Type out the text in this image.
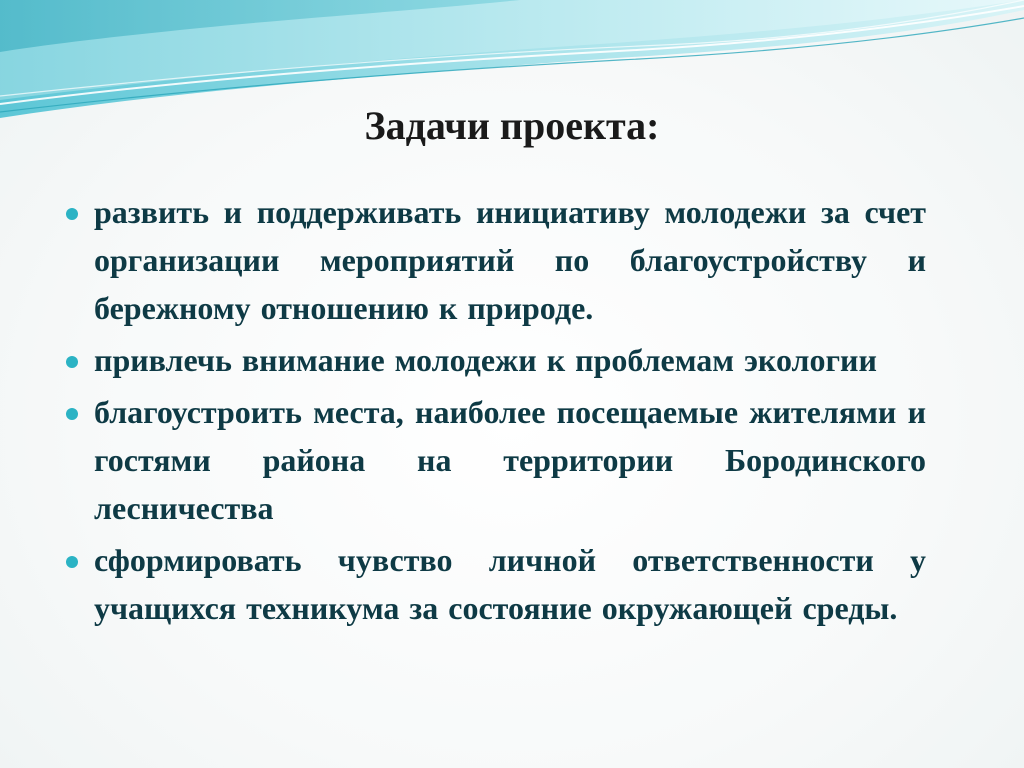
Задачи проекта:
развить и поддерживать инициативу молодежи за счет организации мероприятий по благоустройству и бережному отношению к природе.
привлечь внимание молодежи к проблемам экологии
благоустроить места, наиболее посещаемые жителями и гостями района на территории Бородинского лесничества
сформировать чувство личной ответственности у учащихся техникума за состояние окружающей среды.
